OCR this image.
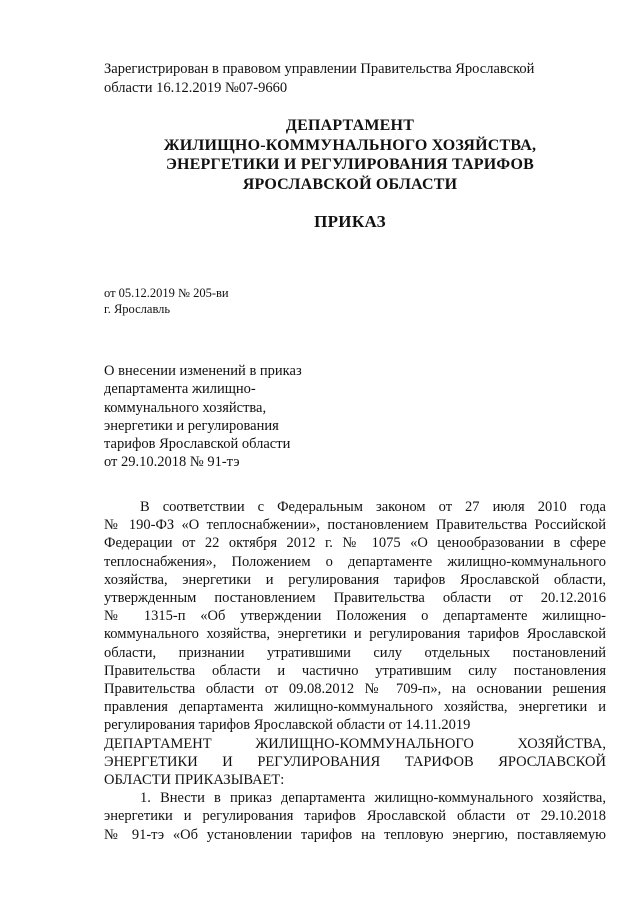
Зарегистрирован в правовом управлении Правительства Ярославской
области 16.12.2019 №07-9660
ДЕПАРТАМЕНТ
ЖИЛИЩНО-КОММУНАЛЬНОГО ХОЗЯЙСТВА,
ЭНЕРГЕТИКИ И РЕГУЛИРОВАНИЯ ТАРИФОВ
ЯРОСЛАВСКОЙ ОБЛАСТИ
ПРИКАЗ
от 05.12.2019 № 205-ви
г. Ярославль
О внесении изменений в приказ
департамента жилищно-
коммунального хозяйства,
энергетики и регулирования
тарифов Ярославской области
от 29.10.2018 № 91-тэ

В соответствии с Федеральным законом от 27 июля 2010 года

№ 190-ФЗ «О теплоснабжении», постановлением Правительства Российской

Федерации от 22 октября 2012 г. № 1075 «О ценообразовании в сфере

теплоснабжения», Положением о департаменте жилищно-коммунального

хозяйства, энергетики и регулирования тарифов Ярославской области,

утвержденным постановлением Правительства области от 20.12.2016

№ 1315-п «Об утверждении Положения о департаменте жилищно-

коммунального хозяйства, энергетики и регулирования тарифов Ярославской

области, признании утратившими силу отдельных постановлений

Правительства области и частично утратившим силу постановления

Правительства области от 09.08.2012 № 709-п», на основании решения

правления департамента жилищно-коммунального хозяйства, энергетики и

регулирования тарифов Ярославской области от 14.11.2019

ДЕПАРТАМЕНТ ЖИЛИЩНО-КОММУНАЛЬНОГО ХОЗЯЙСТВА,

ЭНЕРГЕТИКИ И РЕГУЛИРОВАНИЯ ТАРИФОВ ЯРОСЛАВСКОЙ

ОБЛАСТИ ПРИКАЗЫВАЕТ:

1. Внести в приказ департамента жилищно-коммунального хозяйства,

энергетики и регулирования тарифов Ярославской области от 29.10.2018

№ 91-тэ «Об установлении тарифов на тепловую энергию, поставляемую
